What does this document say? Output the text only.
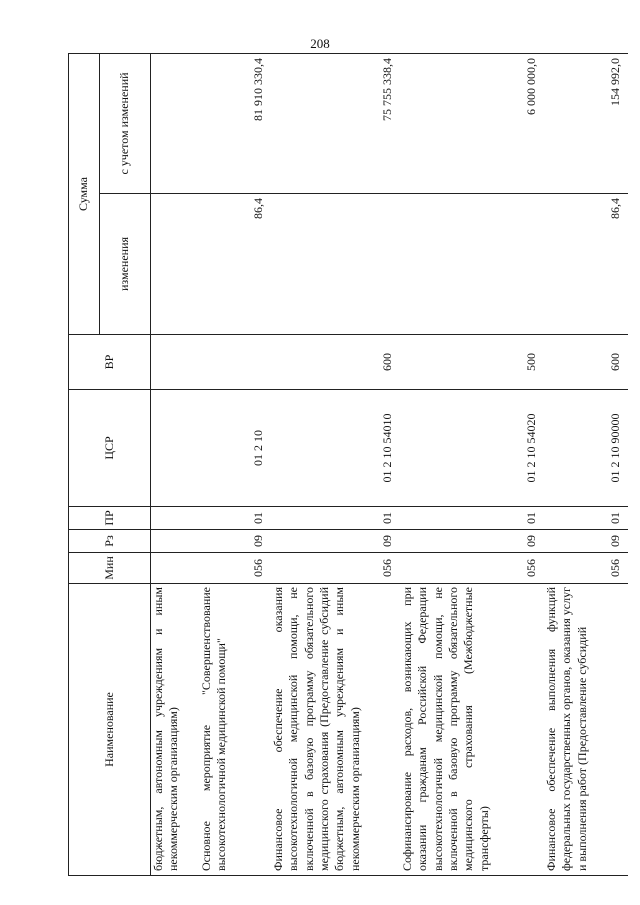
208
Наименование	Мин	Рз	ПР	ЦСР	ВР	Сумма	
						изменения	с учетом изменений
бюджетным, автономным учреждениям и иным некоммерческим организациям)							
Основное мероприятие "Совершенствование высокотехнологичной медицинской помощи"	056	09	01	01 2 10		86,4	81 910 330,4
Финансовое обеспечение оказания высокотехнологичной медицинской помощи, не включенной в базовую программу обязательного медицинского страхования (Предоставление субсидий бюджетным, автономным учреждениям и иным некоммерческим организациям)	056	09	01	01 2 10 54010	600		75 755 338,4
Софинансирование расходов, возникающих при оказании гражданам Российской Федерации высокотехнологичной медицинской помощи, не включенной в базовую программу обязательного медицинского страхования (Межбюджетные трансферты)	056	09	01	01 2 10 54020	500		6 000 000,0
Финансовое обеспечение выполнения функций федеральных государственных органов, оказания услуг и выполнения работ (Предоставление субсидий	056	09	01	01 2 10 90000	600	86,4	154 992,0
